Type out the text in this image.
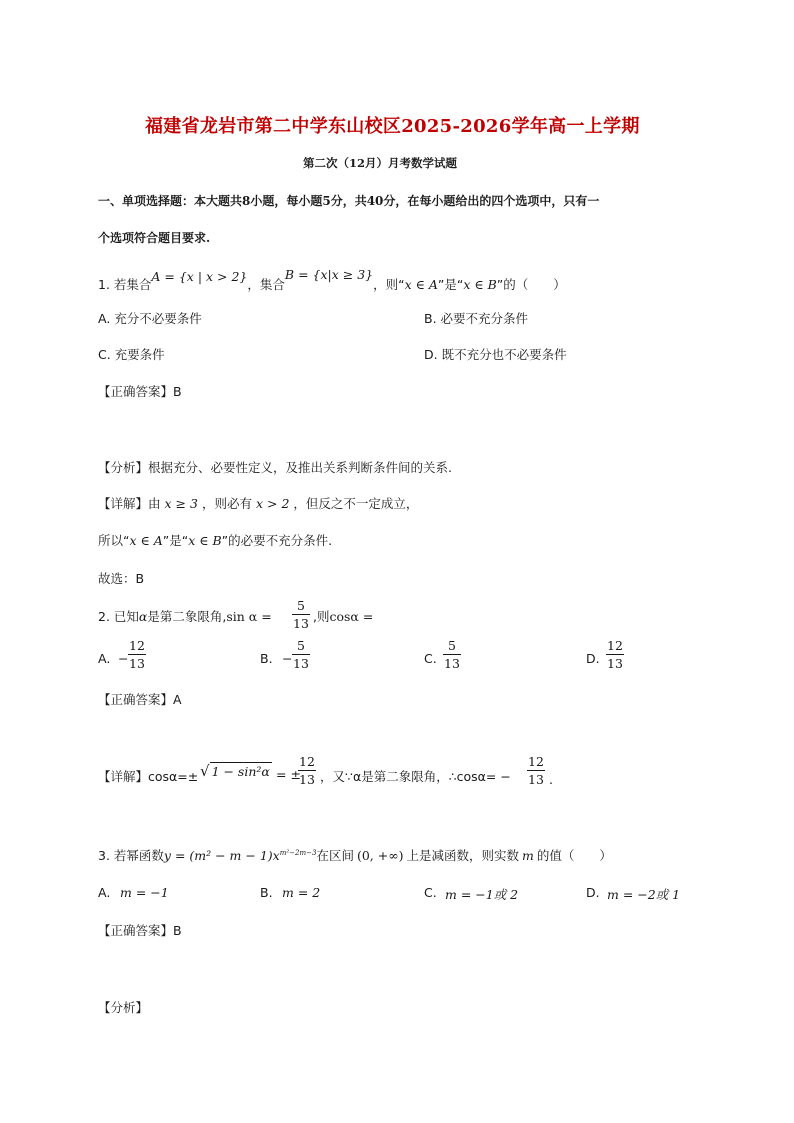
福建省龙岩市第二中学东山校区2025-2026学年高一上学期
第二次（12月）月考数学试题
一、单项选择题：本大题共8小题，每小题5分，共40分，在每小题给出的四个选项中，只有一
个选项符合题目要求.
1. 若集合A = {x | x > 2}，集合B = {x|x ≥ 3}，则“x ∈ A”是“x ∈ B”的（　　）
A. 充分不必要条件	B. 必要不充分条件
C. 充要条件	D. 既不充分也不必要条件
【正确答案】B
【分析】根据充分、必要性定义，及推出关系判断条件间的关系.
【详解】由 x ≥ 3 ，则必有 x > 2 ，但反之不一定成立，
所以“x ∈ A”是“x ∈ B”的必要不充分条件.
故选：B
2. 已知α是第二象限角,sin α =
5
13 ,则cosα =
A. −
12
13	B. −
5
13	C.
5
13	D.
12
13
【正确答案】A
【详解】cosα=± √ 1 − sin²α = ±
12
13 ，又∵α是第二象限角，∴cosα= −
12
13 .
3. 若幂函数$y = (m^2 - m - 1)x^{m^2-2m-3}$在区间 (0, +∞) 上是减函数，则实数 m 的值（　　）
A. m = −1	B. m = 2	C. m = −1或 2	D. m = −2或 1
【正确答案】B
【分析】
